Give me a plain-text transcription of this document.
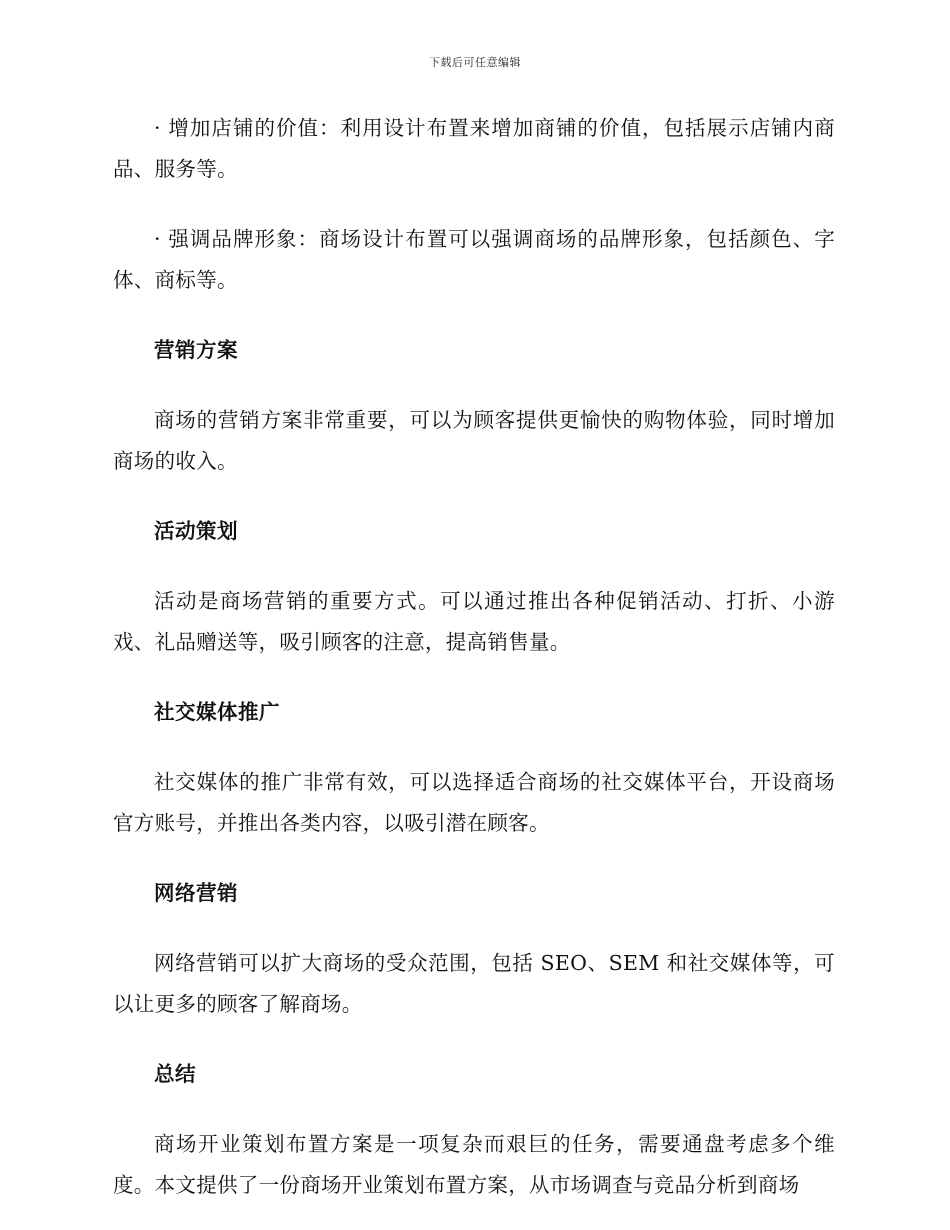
下载后可任意编辑

· 增加店铺的价值：利用设计布置来增加商铺的价值，包括展示店铺内商品、服务等。

· 强调品牌形象：商场设计布置可以强调商场的品牌形象，包括颜色、字体、商标等。

营销方案

商场的营销方案非常重要，可以为顾客提供更愉快的购物体验，同时增加商场的收入。

活动策划

活动是商场营销的重要方式。可以通过推出各种促销活动、打折、小游戏、礼品赠送等，吸引顾客的注意，提高销售量。

社交媒体推广

社交媒体的推广非常有效，可以选择适合商场的社交媒体平台，开设商场官方账号，并推出各类内容，以吸引潜在顾客。

网络营销

网络营销可以扩大商场的受众范围，包括 SEO、SEM 和社交媒体等，可以让更多的顾客了解商场。

总结

商场开业策划布置方案是一项复杂而艰巨的任务，需要通盘考虑多个维度。本文提供了一份商场开业策划布置方案，从市场调查与竞品分析到商场
